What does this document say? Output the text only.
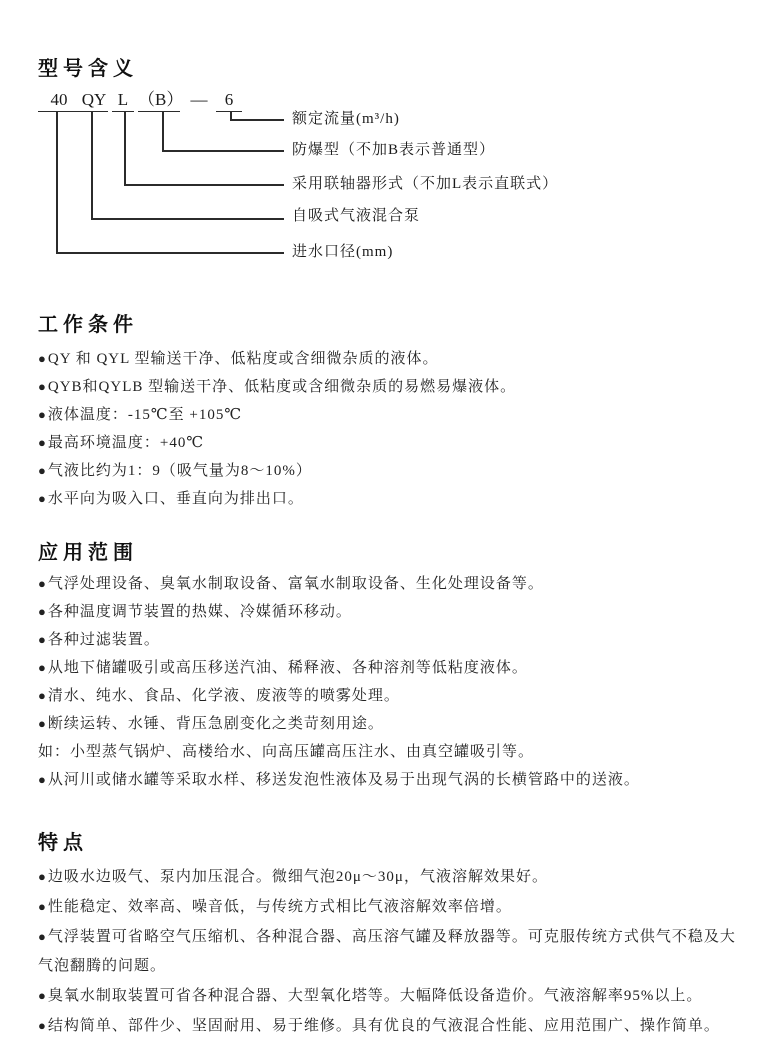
型号含义
40 QY L （B） —	6
额定流量(m³/h)
防爆型（不加B表示普通型）
采用联轴器形式（不加L表示直联式）
自吸式气液混合泵
进水口径(mm)
工作条件

●QY 和 QYL 型输送干净、低粘度或含细微杂质的液体。

●QYB和QYLB 型输送干净、低粘度或含细微杂质的易燃易爆液体。

●液体温度：-15℃至 +105℃

●最高环境温度：+40℃

●气液比约为1：9（吸气量为8～10%）

●水平向为吸入口、垂直向为排出口。

应用范围

●气浮处理设备、臭氧水制取设备、富氧水制取设备、生化处理设备等。

●各种温度调节装置的热媒、冷媒循环移动。

●各种过滤装置。

●从地下储罐吸引或高压移送汽油、稀释液、各种溶剂等低粘度液体。

●清水、纯水、食品、化学液、废液等的喷雾处理。

●断续运转、水锤、背压急剧变化之类苛刻用途。

如：小型蒸气锅炉、高楼给水、向高压罐高压注水、由真空罐吸引等。

●从河川或储水罐等采取水样、移送发泡性液体及易于出现气涡的长横管路中的送液。

特点

●边吸水边吸气、泵内加压混合。微细气泡20μ～30μ，气液溶解效果好。

●性能稳定、效率高、噪音低，与传统方式相比气液溶解效率倍增。

●气浮装置可省略空气压缩机、各种混合器、高压溶气罐及释放器等。可克服传统方式供气不稳及大气泡翻腾的问题。

●臭氧水制取装置可省各种混合器、大型氧化塔等。大幅降低设备造价。气液溶解率95%以上。

●结构简单、部件少、坚固耐用、易于维修。具有优良的气液混合性能、应用范围广、操作简单。
